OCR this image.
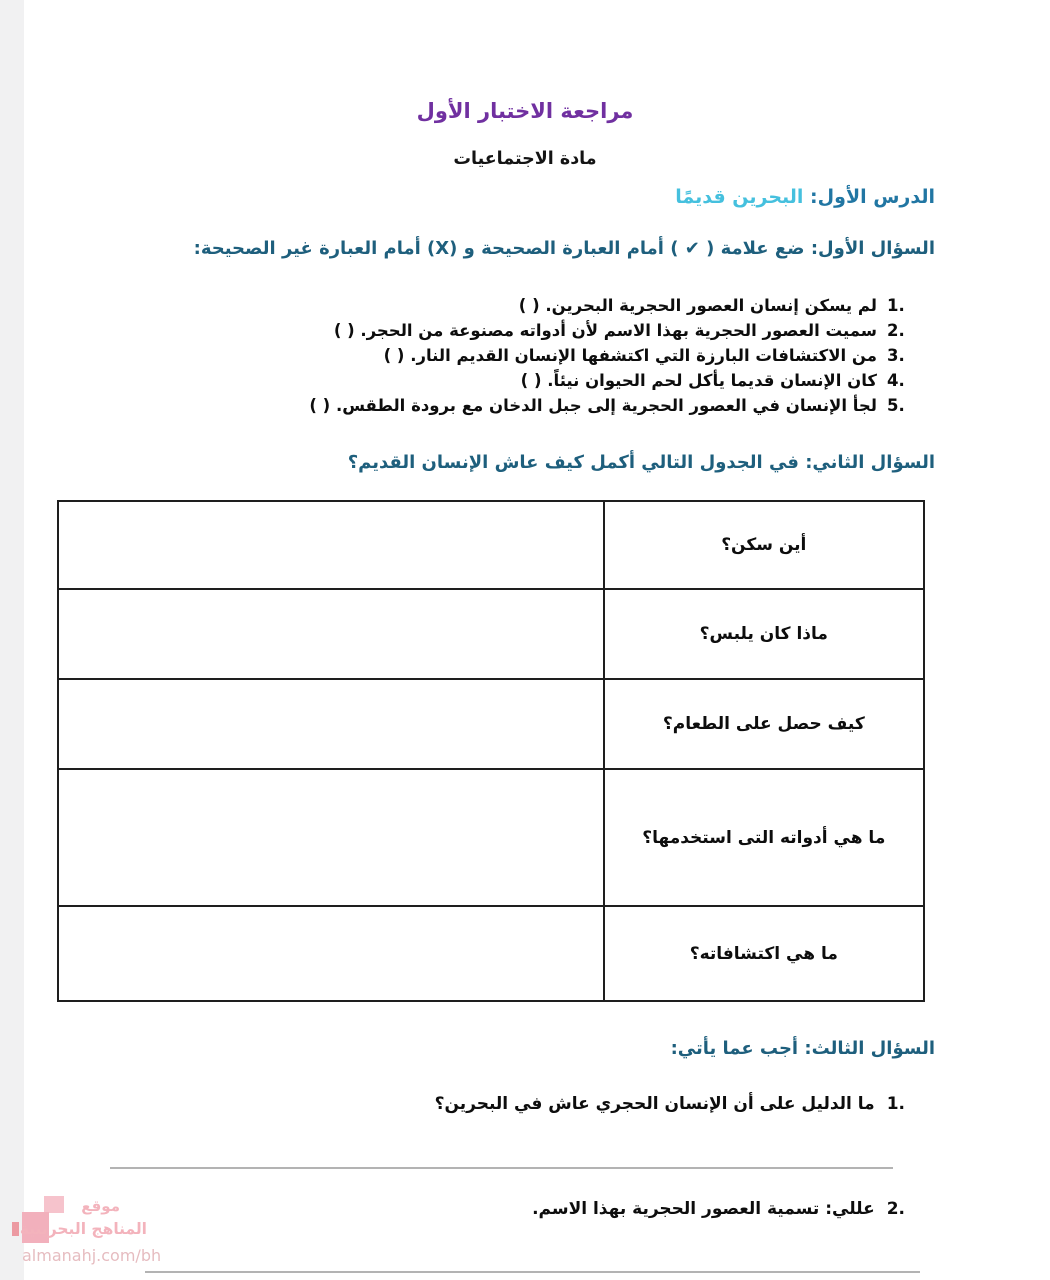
مراجعة الاختبار الأول
مادة الاجتماعيات
الدرس الأول: البحرين قديمًا
السؤال الأول: ضع علامة ( ✔ ) أمام العبارة الصحيحة و (X) أمام العبارة غير الصحيحة:
1.
لم يسكن إنسان العصور الحجرية البحرين. ( )
2.
سميت العصور الحجرية بهذا الاسم لأن أدواته مصنوعة من الحجر. ( )
3.
من الاكتشافات البارزة التي اكتشفها الإنسان القديم النار. ( )
4.
كان الإنسان قديما يأكل لحم الحيوان نيئاً. ( )
5.
لجأ الإنسان في العصور الحجرية إلى جبل الدخان مع برودة الطقس. ( )
السؤال الثاني: في الجدول التالي أكمل كيف عاش الإنسان القديم؟
أين سكن؟	
ماذا كان يلبس؟	
كيف حصل على الطعام؟	
ما هي أدواته التى استخدمها؟	
ما هي اكتشافاته؟	
السؤال الثالث: أجب عما يأتي:
1.
ما الدليل على أن الإنسان الحجري عاش في البحرين؟
2.
عللي: تسمية العصور الحجرية بهذا الاسم.
موقع
المناهج البحرينية
almanahj.com/bh
